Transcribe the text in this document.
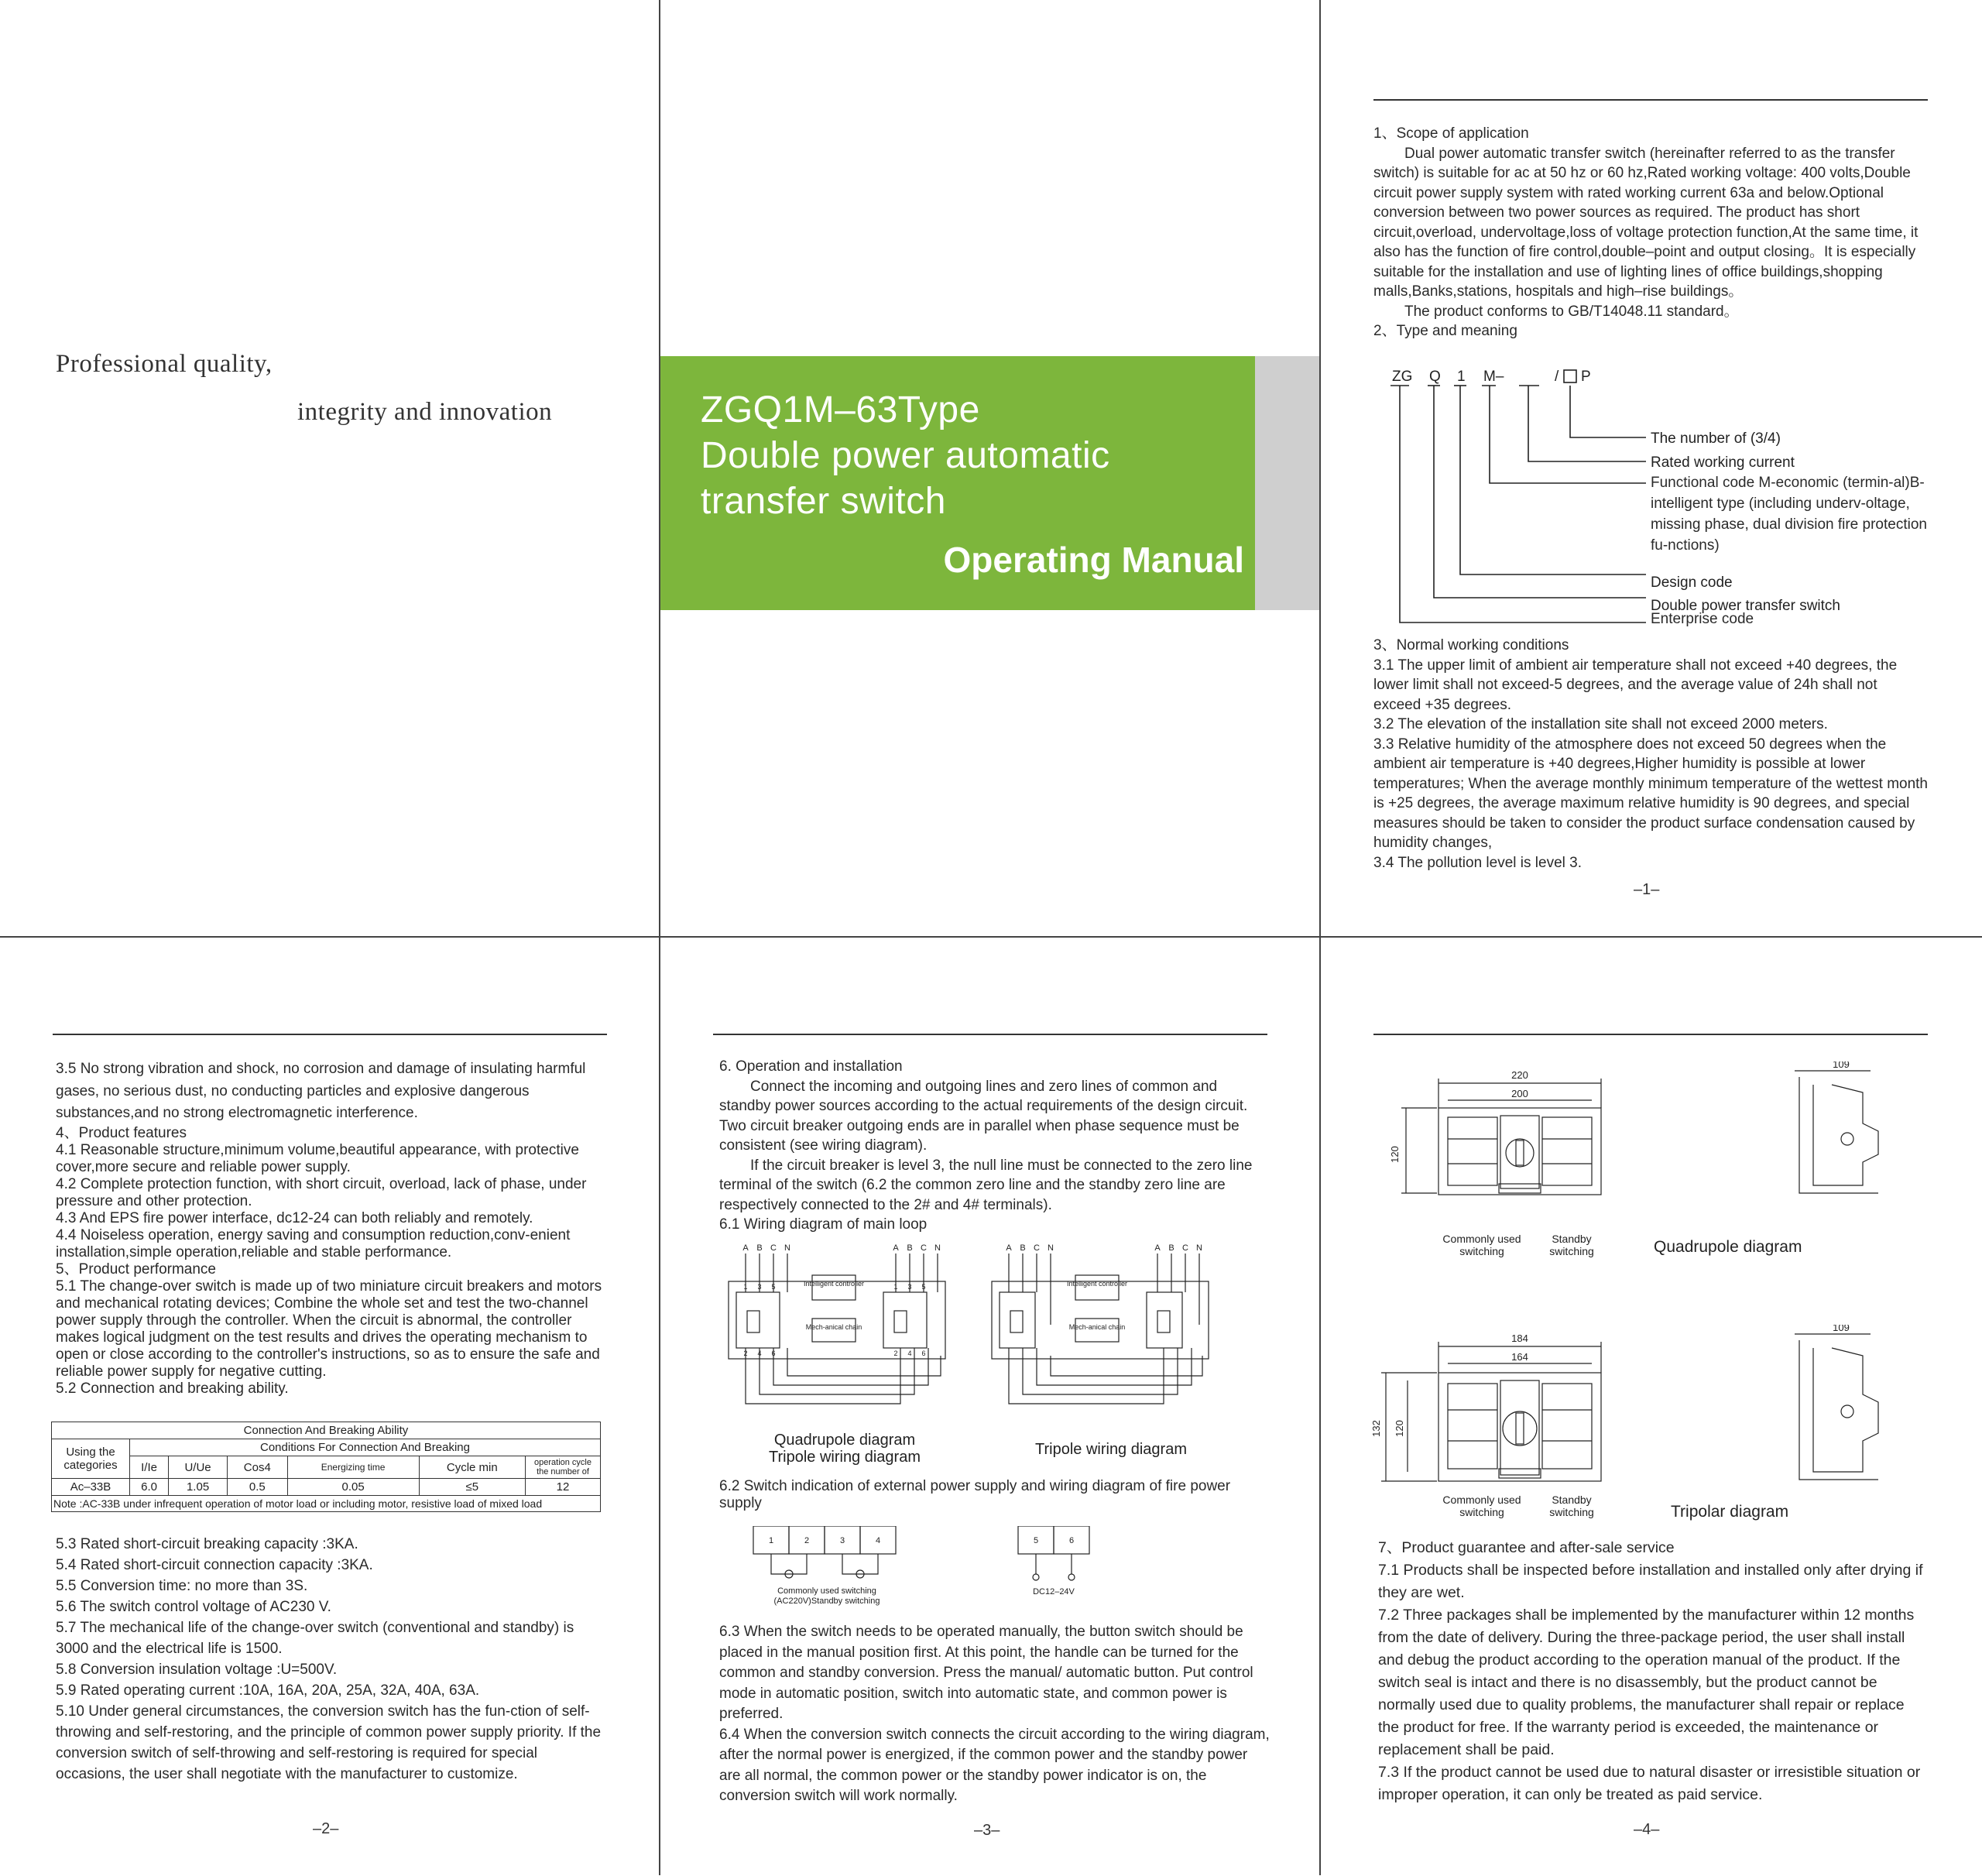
Professional quality,
integrity and innovation	ZGQ1M–63Type
Double power automatic
transfer switch
Operating Manual

1、Scope of application

Dual power automatic transfer switch (hereinafter referred to as the transfer switch) is suitable for ac at 50 hz or 60 hz,Rated working voltage: 400 volts,Double circuit power supply system with rated working current 63a and below.Optional conversion between two power sources as required. The product has short circuit,overload, undervoltage,loss of voltage protection function,At the same time, it also has the function of fire control,double–point and output closing。It is especially suitable for the installation and use of lighting lines of office buildings,shopping malls,Banks,stations, hospitals and high–rise buildings。

The product conforms to GB/T14048.11 standard。

2、Type and meaning

ZG Q 1 M–	/ P
The number of (3/4)
Rated working current
Design code
Double power transfer switch
Functional code M-economic (termin-al)B-intelligent type (including underv-oltage, missing phase, dual division fire protection fu-nctions)
Enterprise code

3、Normal working conditions

3.1 The upper limit of ambient air temperature shall not exceed +40 degrees, the lower limit shall not exceed-5 degrees, and the average value of 24h shall not exceed +35 degrees.

3.2 The elevation of the installation site shall not exceed 2000 meters.

3.3 Relative humidity of the atmosphere does not exceed 50 degrees when the ambient air temperature is +40 degrees,Higher humidity is possible at lower temperatures; When the average monthly minimum temperature of the wettest month is +25 degrees, the average maximum relative humidity is 90 degrees, and special measures should be taken to consider the product surface condensation caused by humidity changes,

3.4 The pollution level is level 3.

–1–

3.5 No strong vibration and shock, no corrosion and damage of insulating harmful gases, no serious dust, no conducting particles and explosive dangerous substances,and no strong electromagnetic interference.

4、Product features

4.1 Reasonable structure,minimum volume,beautiful appearance, with protective cover,more secure and reliable power supply.

4.2 Complete protection function, with short circuit, overload, lack of phase, under pressure and other protection.

4.3 And EPS fire power interface, dc12-24 can both reliably and remotely.

4.4 Noiseless operation, energy saving and consumption reduction,conv-enient installation,simple operation,reliable and stable performance.

5、Product performance

5.1 The change-over switch is made up of two miniature circuit breakers and motors and mechanical rotating devices; Combine the whole set and test the two-channel power supply through the controller. When the circuit is abnormal, the controller makes logical judgment on the test results and drives the operating mechanism to open or close according to the controller's instructions, so as to ensure the safe and reliable power supply for negative cutting.

5.2 Connection and breaking ability.

Connection And Breaking Ability						
Using the categories	Conditions For Connection And Breaking					
	I/Ie	U/Ue	Cos4	Energizing time	Cycle min	operation cycle the number of
Ac–33B	6.0	1.05	0.5	0.05	≤5	12
Note :AC-33B under infrequent operation of motor load or including motor, resistive load of mixed load						

5.3 Rated short-circuit breaking capacity :3KA.

5.4 Rated short-circuit connection capacity :3KA.

5.5 Conversion time: no more than 3S.

5.6 The switch control voltage of AC230 V.

5.7 The mechanical life of the change-over switch (conventional and standby) is 3000 and the electrical life is 1500.

5.8 Conversion insulation voltage :U=500V.

5.9 Rated operating current :10A, 16A, 20A, 25A, 32A, 40A, 63A.

5.10 Under general circumstances, the conversion switch has the fun-ction of self-throwing and self-restoring, and the principle of common power supply priority. If the conversion switch of self-throwing and self-restoring is required for special occasions, the user shall negotiate with the manufacturer to customize.

–2–

6. Operation and installation

Connect the incoming and outgoing lines and zero lines of common and standby power sources according to the actual requirements of the design circuit. Two circuit breaker outgoing ends are in parallel when phase sequence must be consistent (see wiring diagram).

If the circuit breaker is level 3, the null line must be connected to the zero line terminal of the switch (6.2 the common zero line and the standby zero line are respectively connected to the 2# and 4# terminals).

6.1 Wiring diagram of main loop

A B C N	A B C N	A B C N	A B C N
Intelligent controller
Mech-anical chain
Intelligent controller
Mech-anical chain
1 3 5	1 3 5
2 4 6	2 4 6
Quadrupole diagram
Tripole wiring diagram	Tripole wiring diagram
6.2 Switch indication of external power supply and wiring diagram of fire power supply
1	2	3	4	5	6
DC12–24V
Commonly used switching (AC220V)Standby switching

6.3 When the switch needs to be operated manually, the button switch should be placed in the manual position first. At this point, the handle can be turned for the common and standby conversion. Press the manual/ automatic button. Put control mode in automatic position, switch into automatic state, and common power is preferred.

6.4 When the conversion switch connects the circuit according to the wiring diagram, after the normal power is energized, if the common power and the standby power are all normal, the common power or the standby power indicator is on, the conversion switch will work normally.

–3–
220
200
120
109
Commonly used switching
Standby switching	Quadrupole diagram
184
164
132 120
109
Commonly used switching
Standby switching	Tripolar diagram

7、Product guarantee and after-sale service

7.1 Products shall be inspected before installation and installed only after drying if they are wet.

7.2 Three packages shall be implemented by the manufacturer within 12 months from the date of delivery. During the three-package period, the user shall install and debug the product according to the operation manual of the product. If the switch seal is intact and there is no disassembly, but the product cannot be normally used due to quality problems, the manufacturer shall repair or replace the product for free. If the warranty period is exceeded, the maintenance or replacement shall be paid.

7.3 If the product cannot be used due to natural disaster or irresistible situation or improper operation, it can only be treated as paid service.

–4–
